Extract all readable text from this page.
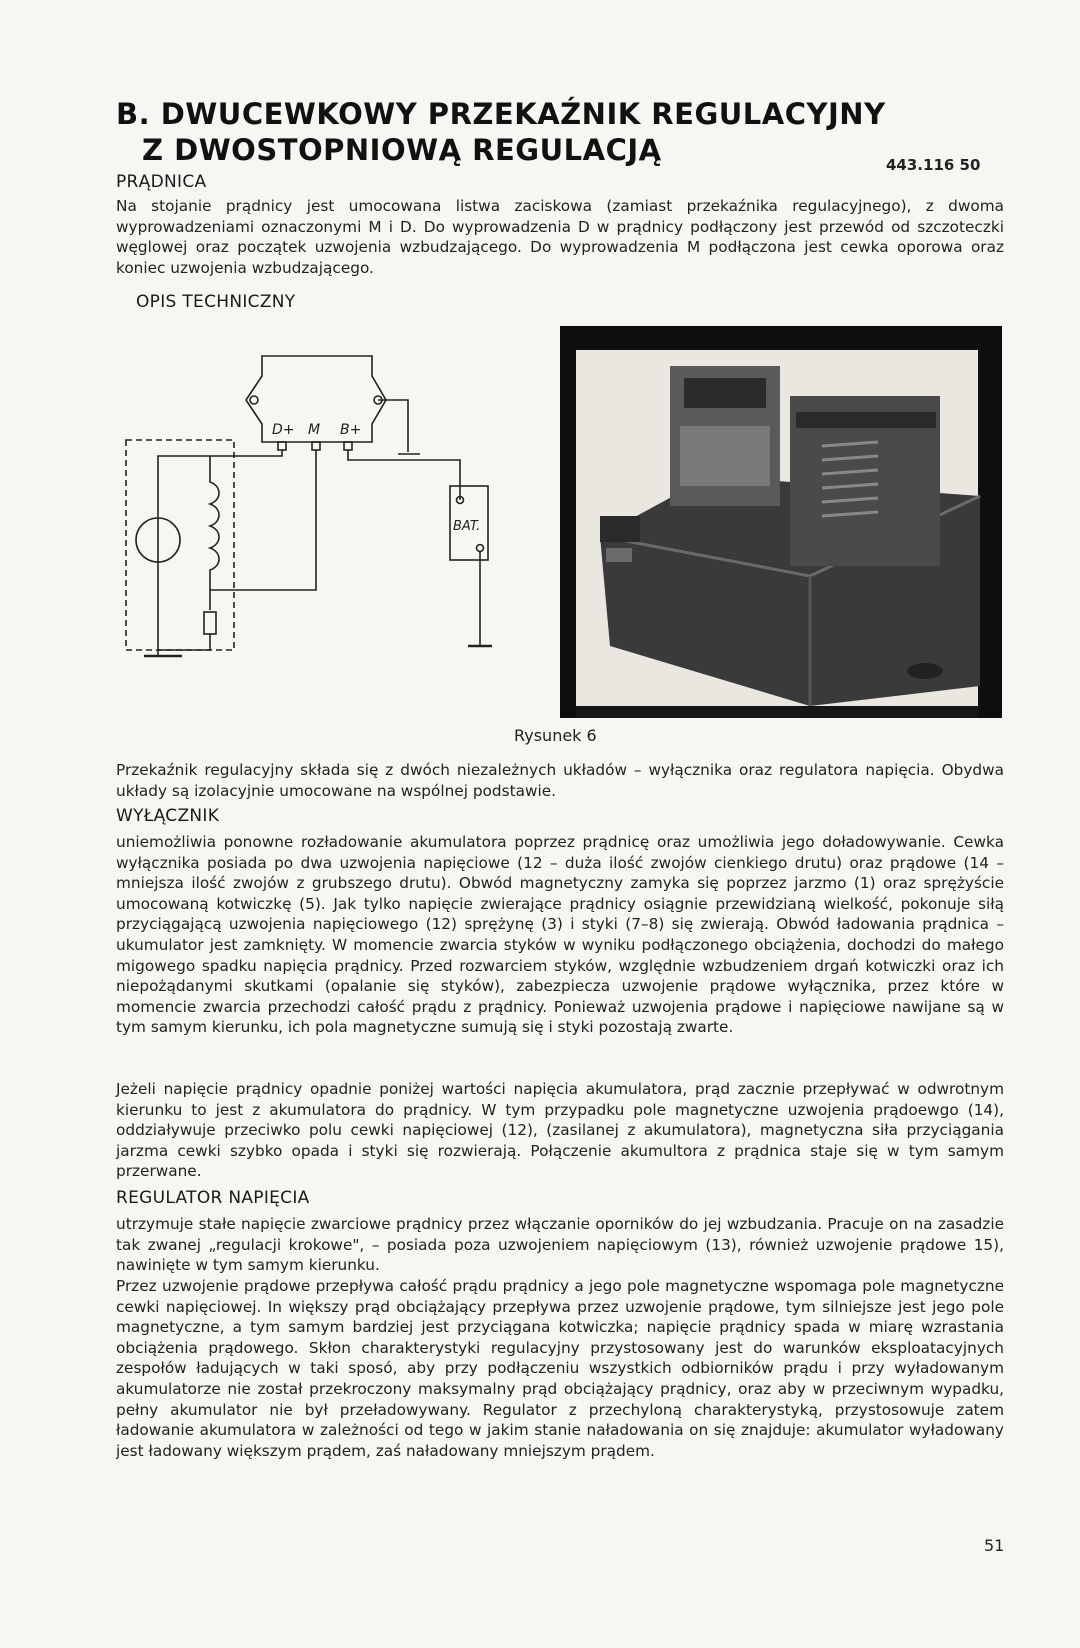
B. DWUCEWKOWY PRZEKAŹNIK REGULACYJNY
Z DWOSTOPNIOWĄ REGULACJĄ	443.116 50
PRĄDNICA

Na stojanie prądnicy jest umocowana listwa zaciskowa (zamiast przekaźnika regulacyjnego), z dwoma wyprowadzeniami oznaczonymi M i D. Do wyprowadzenia D w prądnicy podłączony jest przewód od szczoteczki węglowej oraz początek uzwojenia wzbudzającego. Do wyprowadzenia M podłączona jest cewka oporowa oraz koniec uzwojenia wzbudzającego.

OPIS TECHNICZNY
D+ M B+
BAT.
Rysunek 6

Przekaźnik regulacyjny składa się z dwóch niezależnych układów – wyłącznika oraz regulatora napięcia. Obydwa układy są izolacyjnie umocowane na wspólnej podstawie.

WYŁĄCZNIK

uniemożliwia ponowne rozładowanie akumulatora poprzez prądnicę oraz umożliwia jego doładowywanie. Cewka wyłącznika posiada po dwa uzwojenia napięciowe (12 – duża ilość zwojów cienkiego drutu) oraz prądowe (14 – mniejsza ilość zwojów z grubszego drutu). Obwód magnetyczny zamyka się poprzez jarzmo (1) oraz sprężyście umocowaną kotwiczkę (5). Jak tylko napięcie zwierające prądnicy osiągnie przewidzianą wielkość, pokonuje siłą przyciągającą uzwojenia napięciowego (12) sprężynę (3) i styki (7–8) się zwierają. Obwód ładowania prądnica – ukumulator jest zamknięty. W momencie zwarcia styków w wyniku podłączonego obciążenia, dochodzi do małego migowego spadku napięcia prądnicy. Przed rozwarciem styków, względnie wzbudzeniem drgań kotwiczki oraz ich niepożądanymi skutkami (opalanie się styków), zabezpiecza uzwojenie prądowe wyłącznika, przez które w momencie zwarcia przechodzi całość prądu z prądnicy. Ponieważ uzwojenia prądowe i napięciowe nawijane są w tym samym kierunku, ich pola magnetyczne sumują się i styki pozostają zwarte.

Jeżeli napięcie prądnicy opadnie poniżej wartości napięcia akumulatora, prąd zacznie przepływać w odwrotnym kierunku to jest z akumulatora do prądnicy. W tym przypadku pole magnetyczne uzwojenia prądoewgo (14), oddziaływuje przeciwko polu cewki napięciowej (12), (zasilanej z akumulatora), magnetyczna siła przyciągania jarzma cewki szybko opada i styki się rozwierają. Połączenie akumultora z prądnica staje się w tym samym przerwane.

REGULATOR NAPIĘCIA

utrzymuje stałe napięcie zwarciowe prądnicy przez włączanie oporników do jej wzbudzania. Pracuje on na zasadzie tak zwanej „regulacji krokowe", – posiada poza uzwojeniem napięciowym (13), również uzwojenie prądowe 15), nawinięte w tym samym kierunku.

Przez uzwojenie prądowe przepływa całość prądu prądnicy a jego pole magnetyczne wspomaga pole magnetyczne cewki napięciowej. In większy prąd obciążający przepływa przez uzwojenie prądowe, tym silniejsze jest jego pole magnetyczne, a tym samym bardziej jest przyciągana kotwiczka; napięcie prądnicy spada w miarę wzrastania obciążenia prądowego. Skłon charakterystyki regulacyjny przystosowany jest do warunków eksploatacyjnych zespołów ładujących w taki sposó, aby przy podłączeniu wszystkich odbiorników prądu i przy wyładowanym akumulatorze nie został przekroczony maksymalny prąd obciążający prądnicy, oraz aby w przeciwnym wypadku, pełny akumulator nie był przeładowywany. Regulator z przechyloną charakterystyką, przystosowuje zatem ładowanie akumulatora w zależności od tego w jakim stanie naładowania on się znajduje: akumulator wyładowany jest ładowany większym prądem, zaś naładowany mniejszym prądem.

51
